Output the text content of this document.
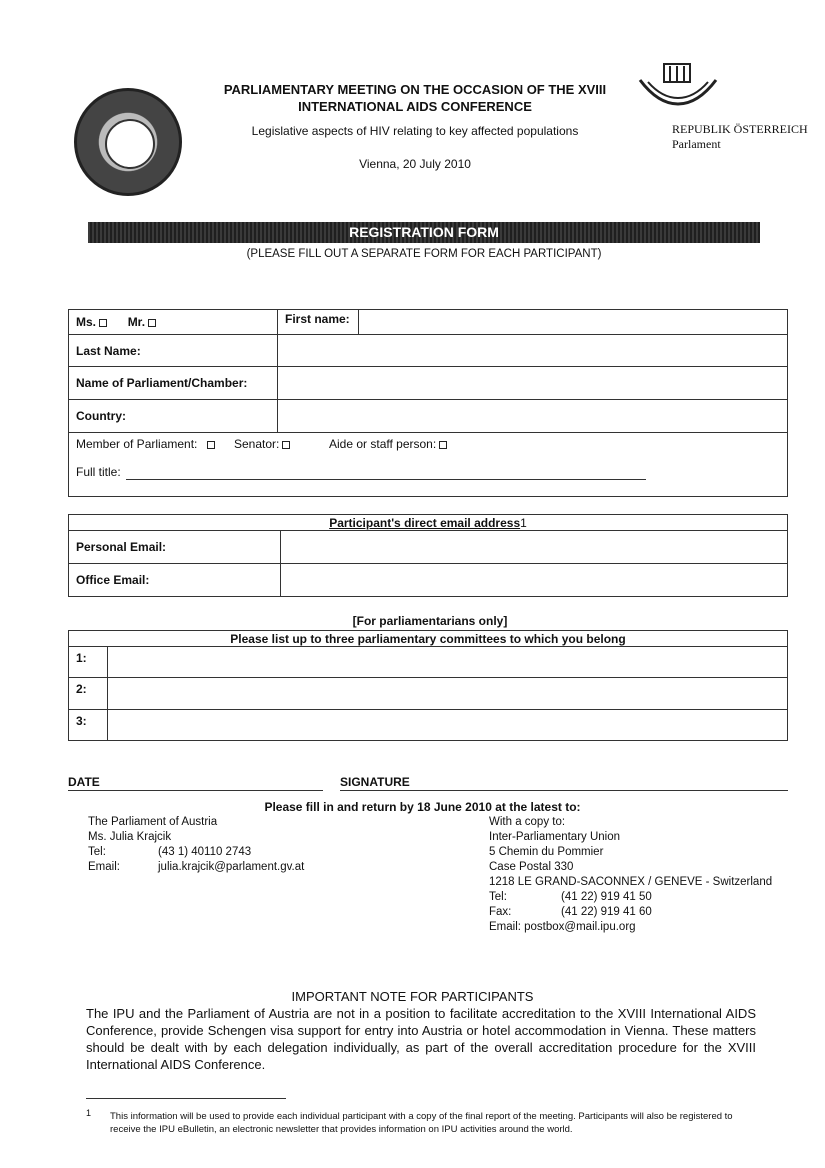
1889
PARLIAMENTARY MEETING ON THE OCCASION OF THE XVIII
INTERNATIONAL AIDS CONFERENCE
Legislative aspects of HIV relating to key affected populations
Vienna, 20 July 2010
REPUBLIK ÖSTERREICH
Parlament
REGISTRATION FORM
(PLEASE FILL OUT A SEPARATE FORM FOR EACH PARTICIPANT)
Ms. Mr.	First name:	
Last Name:		
Name of Parliament/Chamber:		
Country:		

Member of Parliament: Senator: Aide or staff person:
Full title:		
Participant's direct email address1	
Personal Email:	
Office Email:	
[For parliamentarians only]
Please list up to three parliamentary committees to which you belong	
1:	
2:	
3:	
DATE	SIGNATURE
Please fill in and return by 18 June 2010 at the latest to:
The Parliament of Austria
Ms. Julia Krajcik
Tel:	(43 1) 40110 2743
Email:	julia.krajcik@parlament.gv.at
With a copy to:
Inter-Parliamentary Union
5 Chemin du Pommier
Case Postal 330
1218 LE GRAND-SACONNEX / GENEVE - Switzerland
Tel:	(41 22) 919 41 50
Fax:	(41 22) 919 41 60
Email: postbox@mail.ipu.org
IMPORTANT NOTE FOR PARTICIPANTS
The IPU and the Parliament of Austria are not in a position to facilitate accreditation to the XVIII International AIDS Conference, provide Schengen visa support for entry into Austria or hotel accommodation in Vienna. These matters should be dealt with by each delegation individually, as part of the overall accreditation procedure for the XVIII International AIDS Conference.
1 This information will be used to provide each individual participant with a copy of the final report of the meeting. Participants will also be registered to receive the IPU eBulletin, an electronic newsletter that provides information on IPU activities around the world.
